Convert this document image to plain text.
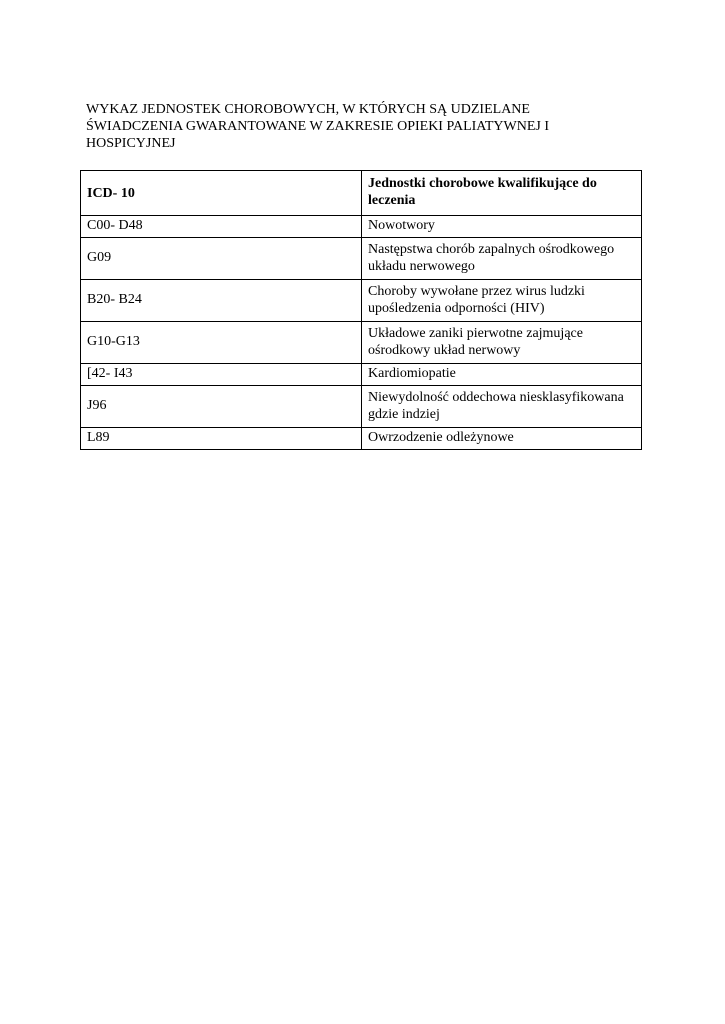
WYKAZ JEDNOSTEK CHOROBOWYCH, W KTÓRYCH SĄ UDZIELANE
ŚWIADCZENIA GWARANTOWANE W ZAKRESIE OPIEKI PALIATYWNEJ I
HOSPICYJNEJ
ICD- 10	Jednostki chorobowe kwalifikujące do leczenia
C00- D48	Nowotwory
G09	Następstwa chorób zapalnych ośrodkowego układu nerwowego
B20- B24	Choroby wywołane przez wirus ludzki upośledzenia odporności (HIV)
G10-G13	Układowe zaniki pierwotne zajmujące ośrodkowy układ nerwowy
[42- I43	Kardiomiopatie
J96	Niewydolność oddechowa niesklasyfikowana gdzie indziej
L89	Owrzodzenie odleżynowe
